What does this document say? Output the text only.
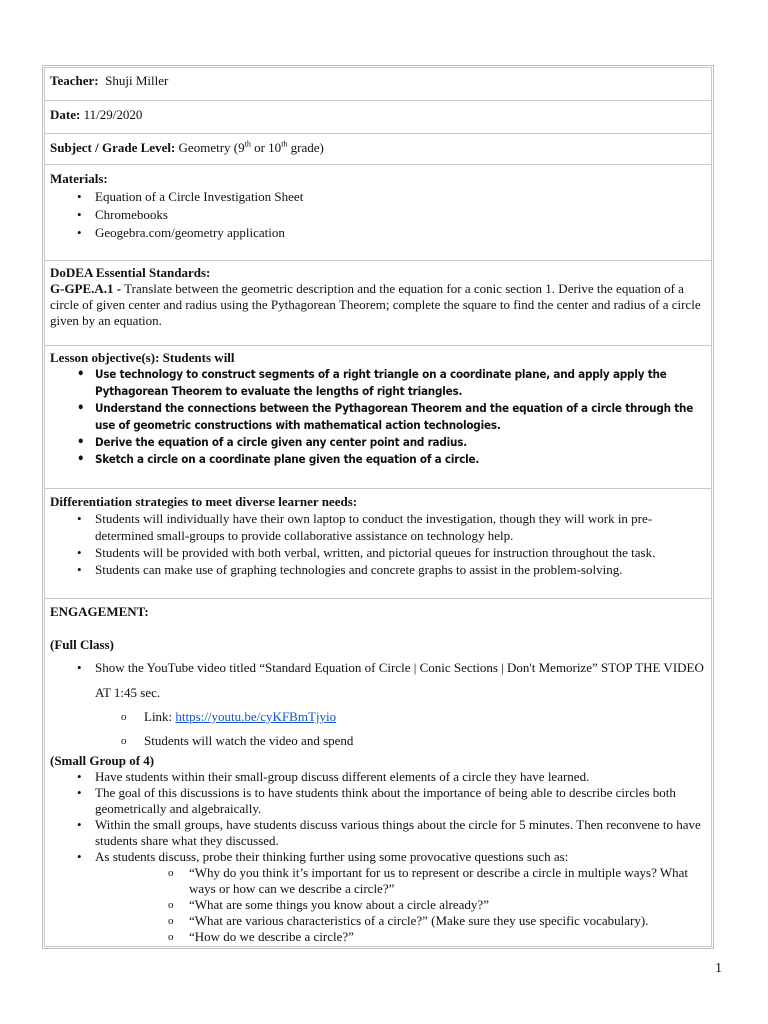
Teacher: Shuji Miller
Date: 11/29/2020
Subject / Grade Level: Geometry (9th or 10th grade)
Materials:
• Equation of a Circle Investigation Sheet
• Chromebooks
• Geogebra.com/geometry application
DoDEA Essential Standards:
G-GPE.A.1 - Translate between the geometric description and the equation for a conic section 1. Derive the equation of a circle of given center and radius using the Pythagorean Theorem; complete the square to find the center and radius of a circle given by an equation.
Lesson objective(s): Students will
• Use technology to construct segments of a right triangle on a coordinate plane, and apply apply the Pythagorean Theorem to evaluate the lengths of right triangles.
• Understand the connections between the Pythagorean Theorem and the equation of a circle through the use of geometric constructions with mathematical action technologies.
• Derive the equation of a circle given any center point and radius.
• Sketch a circle on a coordinate plane given the equation of a circle.
Differentiation strategies to meet diverse learner needs:
• Students will individually have their own laptop to conduct the investigation, though they will work in pre-determined small-groups to provide collaborative assistance on technology help.
• Students will be provided with both verbal, written, and pictorial queues for instruction throughout the task.
• Students can make use of graphing technologies and concrete graphs to assist in the problem-solving.
ENGAGEMENT:
(Full Class)
• Show the YouTube video titled “Standard Equation of Circle | Conic Sections | Don't Memorize” STOP THE VIDEO AT 1:45 sec.
o Link: https://youtu.be/cyKFBmTjyio
o Students will watch the video and spend
(Small Group of 4)
• Have students within their small-group discuss different elements of a circle they have learned.
• The goal of this discussions is to have students think about the importance of being able to describe circles both geometrically and algebraically.
• Within the small groups, have students discuss various things about the circle for 5 minutes. Then reconvene to have students share what they discussed.
• As students discuss, probe their thinking further using some provocative questions such as:
o “Why do you think it’s important for us to represent or describe a circle in multiple ways? What ways or how can we describe a circle?”
o “What are some things you know about a circle already?”
o “What are various characteristics of a circle?” (Make sure they use specific vocabulary).
o “How do we describe a circle?”
1
